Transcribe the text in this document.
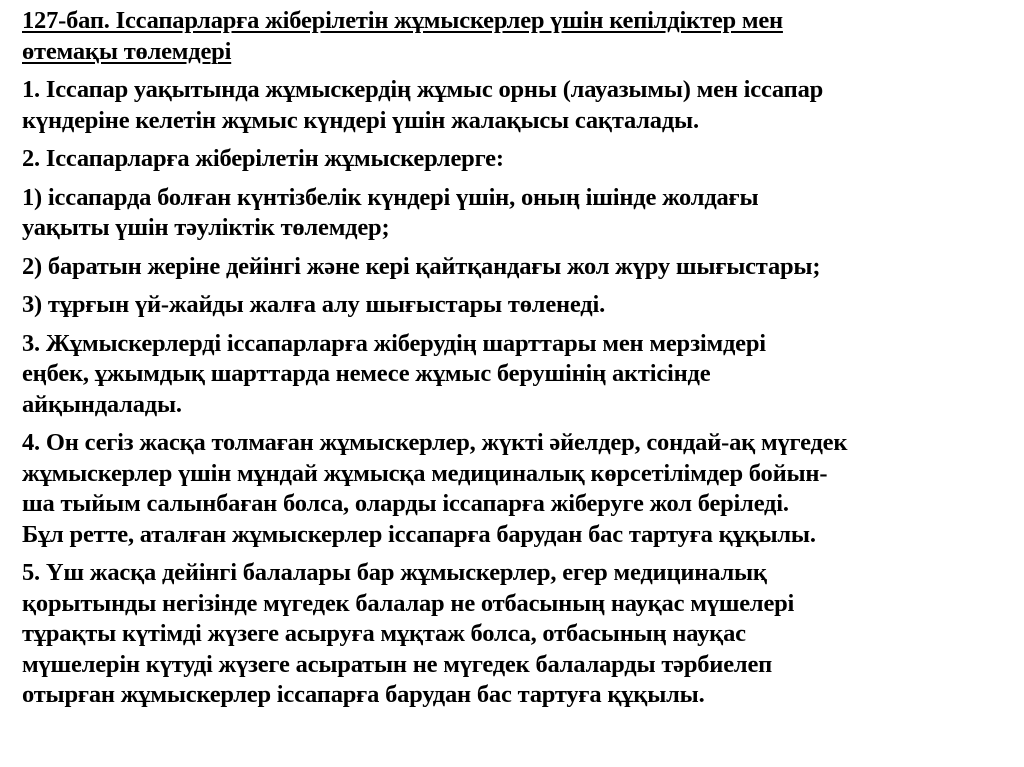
127-бап. Іссапарларға жіберілетін жұмыскерлер үшін кепілдіктер мен
өтемақы төлемдері
1. Іссапар уақытында жұмыскердің жұмыс орны (лауазымы) мен іссапар
күндеріне келетін жұмыс күндері үшін жалақысы сақталады.
2. Іссапарларға жіберілетін жұмыскерлерге:
1) іссапарда болған күнтізбелік күндері үшін, оның ішінде жолдағы
уақыты үшін тәуліктік төлемдер;
2) баратын жеріне дейінгі және кері қайтқандағы жол жүру шығыстары;
3) тұрғын үй-жайды жалға алу шығыстары төленеді.
3. Жұмыскерлерді іссапарларға жіберудің шарттары мен мерзімдері
еңбек, ұжымдық шарттарда немесе жұмыс берушінің актісінде
айқындалады.
4. Он сегіз жасқа толмаған жұмыскерлер, жүкті әйелдер, сондай-ақ мүгедек
жұмыскерлер үшін мұндай жұмысқа медициналық көрсетілімдер бойын-
ша тыйым салынбаған болса, оларды іссапарға жіберуге жол беріледі.
Бұл ретте, аталған жұмыскерлер іссапарға барудан бас тартуға құқылы.
5. Үш жасқа дейінгі балалары бар жұмыскерлер, егер медициналық
қорытынды негізінде мүгедек балалар не отбасының науқас мүшелері
тұрақты күтімді жүзеге асыруға мұқтаж болса, отбасының науқас
мүшелерін күтуді жүзеге асыратын не мүгедек балаларды тәрбиелеп
отырған жұмыскерлер іссапарға барудан бас тартуға құқылы.
